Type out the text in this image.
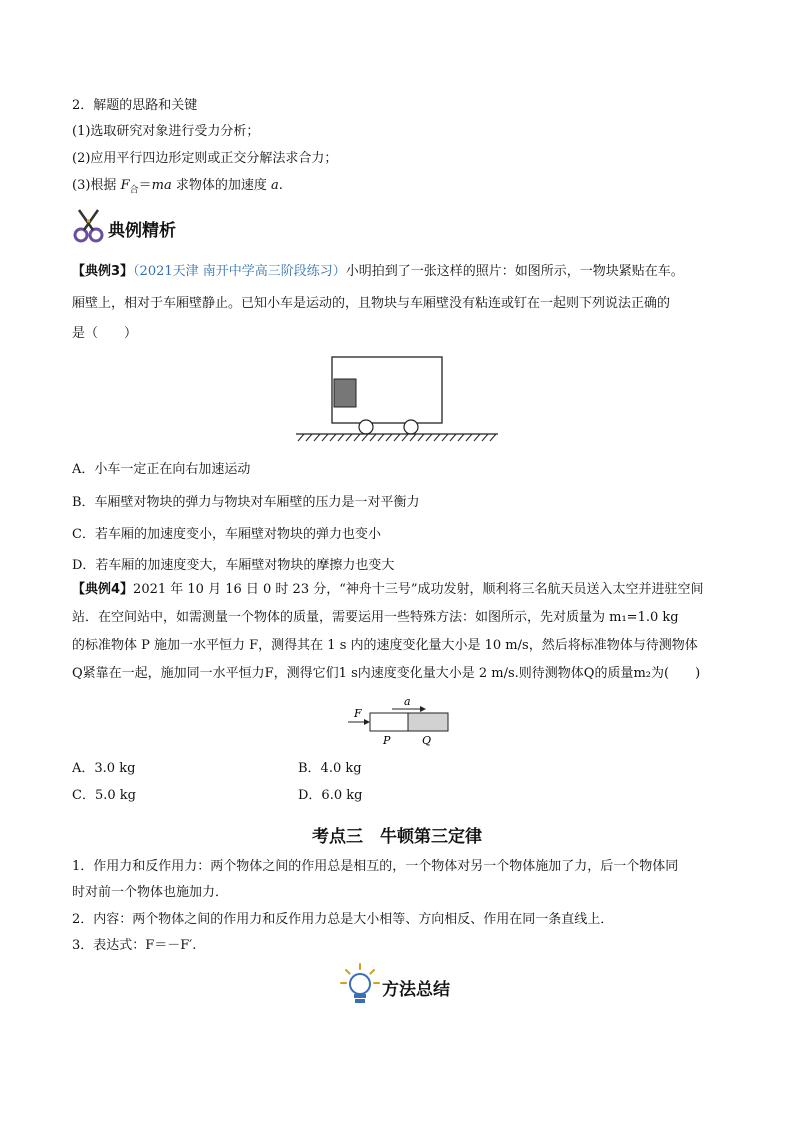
2．解题的思路和关键
(1)选取研究对象进行受力分析；
(2)应用平行四边形定则或正交分解法求合力；
(3)根据 $F_合=ma$ 求物体的加速度 a.
典例精析
【典例3】（2021天津 南开中学高三阶段练习）小明拍到了一张这样的照片：如图所示，一物块紧贴在车。
厢壁上，相对于车厢壁静止。已知小车是运动的，且物块与车厢壁没有粘连或钉在一起则下列说法正确的
是（　　）
A．小车一定正在向右加速运动
B．车厢壁对物块的弹力与物块对车厢壁的压力是一对平衡力
C．若车厢的加速度变小，车厢壁对物块的弹力也变小
D．若车厢的加速度变大，车厢壁对物块的摩擦力也变大
【典例4】2021 年 10 月 16 日 0 时 23 分，“神舟十三号”成功发射，顺利将三名航天员送入太空并进驻空间
站．在空间站中，如需测量一个物体的质量，需要运用一些特殊方法：如图所示，先对质量为 m₁=1.0 kg
的标准物体 P 施加一水平恒力 F，测得其在 1 s 内的速度变化量大小是 10 m/s，然后将标准物体与待测物体
Q紧靠在一起，施加同一水平恒力F，测得它们1 s内速度变化量大小是 2 m/s.则待测物体Q的质量m₂为(　　)
a
F
P	Q
A．3.0 kg	B．4.0 kg
C．5.0 kg	D．6.0 kg
考点三　牛顿第三定律
1．作用力和反作用力：两个物体之间的作用总是相互的，一个物体对另一个物体施加了力，后一个物体同
时对前一个物体也施加力．
2．内容：两个物体之间的作用力和反作用力总是大小相等、方向相反、作用在同一条直线上．
3．表达式：F＝－F′.
方法总结
